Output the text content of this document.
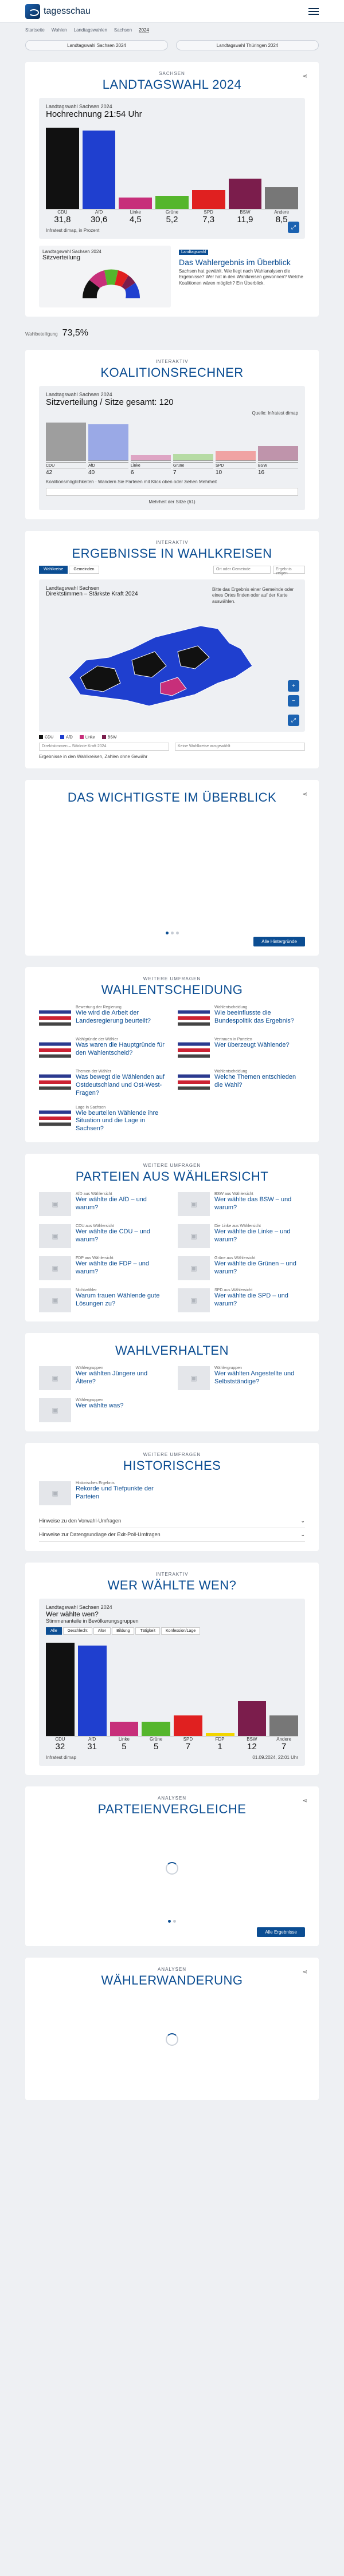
tagesschau
Startseite Wahlen Landtagswahlen Sachsen 2024
Landtagswahl Sachsen 2024	Landtagswahl Thüringen 2024
SACHSEN
LANDTAGSWAHL 2024
Landtagswahl Sachsen 2024
Hochrechnung 21:54 Uhr
CDU
31,8
AfD
30,6
Linke
4,5
Grüne
5,2
SPD
7,3
BSW
11,9
Andere
8,5
Infratest dimap, in Prozent	⤢
Landtagswahl Sachsen 2024
Sitzverteilung
Landtagswahl
Das Wahlergebnis im Überblick
Sachsen hat gewählt. Wie liegt nach Wahlanalysen die Ergebnisse? Wer hat in den Wahlkreisen gewonnen? Welche Koalitionen wären möglich? Ein Überblick.
⋖
Wahlbeteiligung 73,5%
INTERAKTIV
KOALITIONSRECHNER
Landtagswahl Sachsen 2024
Sitzverteilung / Sitze gesamt: 120
Quelle: Infratest dimap
CDU
42
AfD
40
Linke
6
Grüne
7
SPD
10
BSW
16
Koalitionsmöglichkeiten · Wandern Sie Parteien mit Klick oben oder ziehen Mehrheit
Mehrheit der Sitze (61)
INTERAKTIV
ERGEBNISSE IN WAHLKREISEN
Wahlkreise	Gemeinden	Ort oder Gemeinde	Ergebnis zeigen
Landtagswahl Sachsen
Direktstimmen – Stärkste Kraft 2024
Bitte das Ergebnis einer Gemeinde oder eines Ortes finden oder auf der Karte auswählen.
+
−
⤢
CDU	AfD	Linke	BSW
Direktstimmen – Stärkste Kraft 2024	Keine Wahlkreise ausgewählt
Ergebnisse in den Wahlkreisen, Zahlen ohne Gewähr
DAS WICHTIGSTE IM ÜBERBLICK	⋖
Alle Hintergründe
WEITERE UMFRAGEN
WAHLENTSCHEIDUNG
Bewertung der Regierung
Wie wird die Arbeit der Landesregierung beurteilt?
Wahlentscheidung
Wie beeinflusste die Bundespolitik das Ergebnis?
Wahlgründe der Wähler
Was waren die Hauptgründe für den Wahlentscheid?
Vertrauen in Parteien
Wer überzeugt Wählende?
Themen der Wähler
Was bewegt die Wählenden auf Ostdeutschland und Ost-West-Fragen?
Wahlentscheidung
Welche Themen entschieden die Wahl?
Lage in Sachsen
Wie beurteilen Wählende ihre Situation und die Lage in Sachsen?
WEITERE UMFRAGEN
PARTEIEN AUS WÄHLERSICHT
▣
AfD aus Wählersicht
Wer wählte die AfD – und warum?	▣
BSW aus Wählersicht
Wer wählte das BSW – und warum?
▣
CDU aus Wählersicht
Wer wählte die CDU – und warum?	▣
Die Linke aus Wählersicht
Wer wählte die Linke – und warum?
▣
FDP aus Wählersicht
Wer wählte die FDP – und warum?	▣
Grüne aus Wählersicht
Wer wählte die Grünen – und warum?
▣
Nichtwähler
Warum trauen Wählende gute Lösungen zu?	▣
SPD aus Wählersicht
Wer wählte die SPD – und warum?
WAHLVERHALTEN
▣
Wählergruppen
Wer wählten Jüngere und Ältere?	▣
Wählergruppen
Wer wählten Angestellte und Selbstständige?
▣
Wählergruppen
Wer wählte was?
WEITERE UMFRAGEN
HISTORISCHES
▣
Historisches Ergebnis
Rekorde und Tiefpunkte der Parteien
Hinweise zu den Vorwahl-Umfragen	⌄
Hinweise zur Datengrundlage der Exit-Poll-Umfragen	⌄
INTERAKTIV
WER WÄHLTE WEN?
Landtagswahl Sachsen 2024
Wer wählte wen?
Stimmenanteile in Bevölkerungsgruppen
Alle	Geschlecht	Alter	Bildung	Tätigkeit	Konfession/Lage
CDU
32
AfD
31
Linke
5
Grüne
5
SPD
7
FDP
1
BSW
12
Andere
7
Infratest dimap	01.09.2024, 22:01 Uhr
ANALYSEN
PARTEIENVERGLEICHE
⋖
Alle Ergebnisse
ANALYSEN
WÄHLERWANDERUNG
⋖
